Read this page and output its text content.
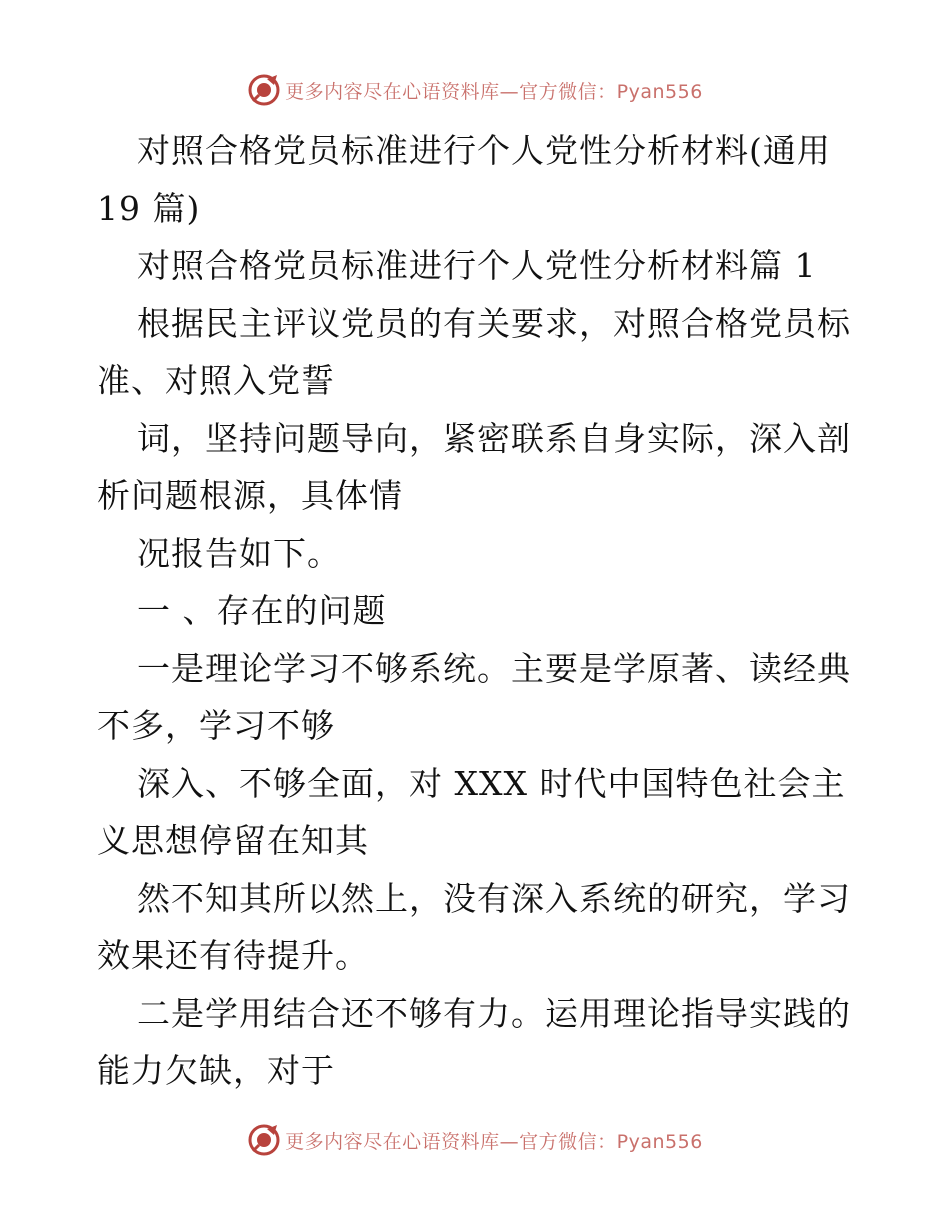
更多内容尽在心语资料库—官方微信：Pyan556
对照合格党员标准进行个人党性分析材料(通用
19 篇)
对照合格党员标准进行个人党性分析材料篇 1
根据民主评议党员的有关要求，对照合格党员标
准、对照入党誓
词，坚持问题导向，紧密联系自身实际，深入剖
析问题根源，具体情
况报告如下。
一 、存在的问题
一是理论学习不够系统。主要是学原著、读经典
不多，学习不够
深入、不够全面，对 XXX 时代中国特色社会主
义思想停留在知其
然不知其所以然上，没有深入系统的研究，学习
效果还有待提升。
二是学用结合还不够有力。运用理论指导实践的
能力欠缺，对于
更多内容尽在心语资料库—官方微信：Pyan556
